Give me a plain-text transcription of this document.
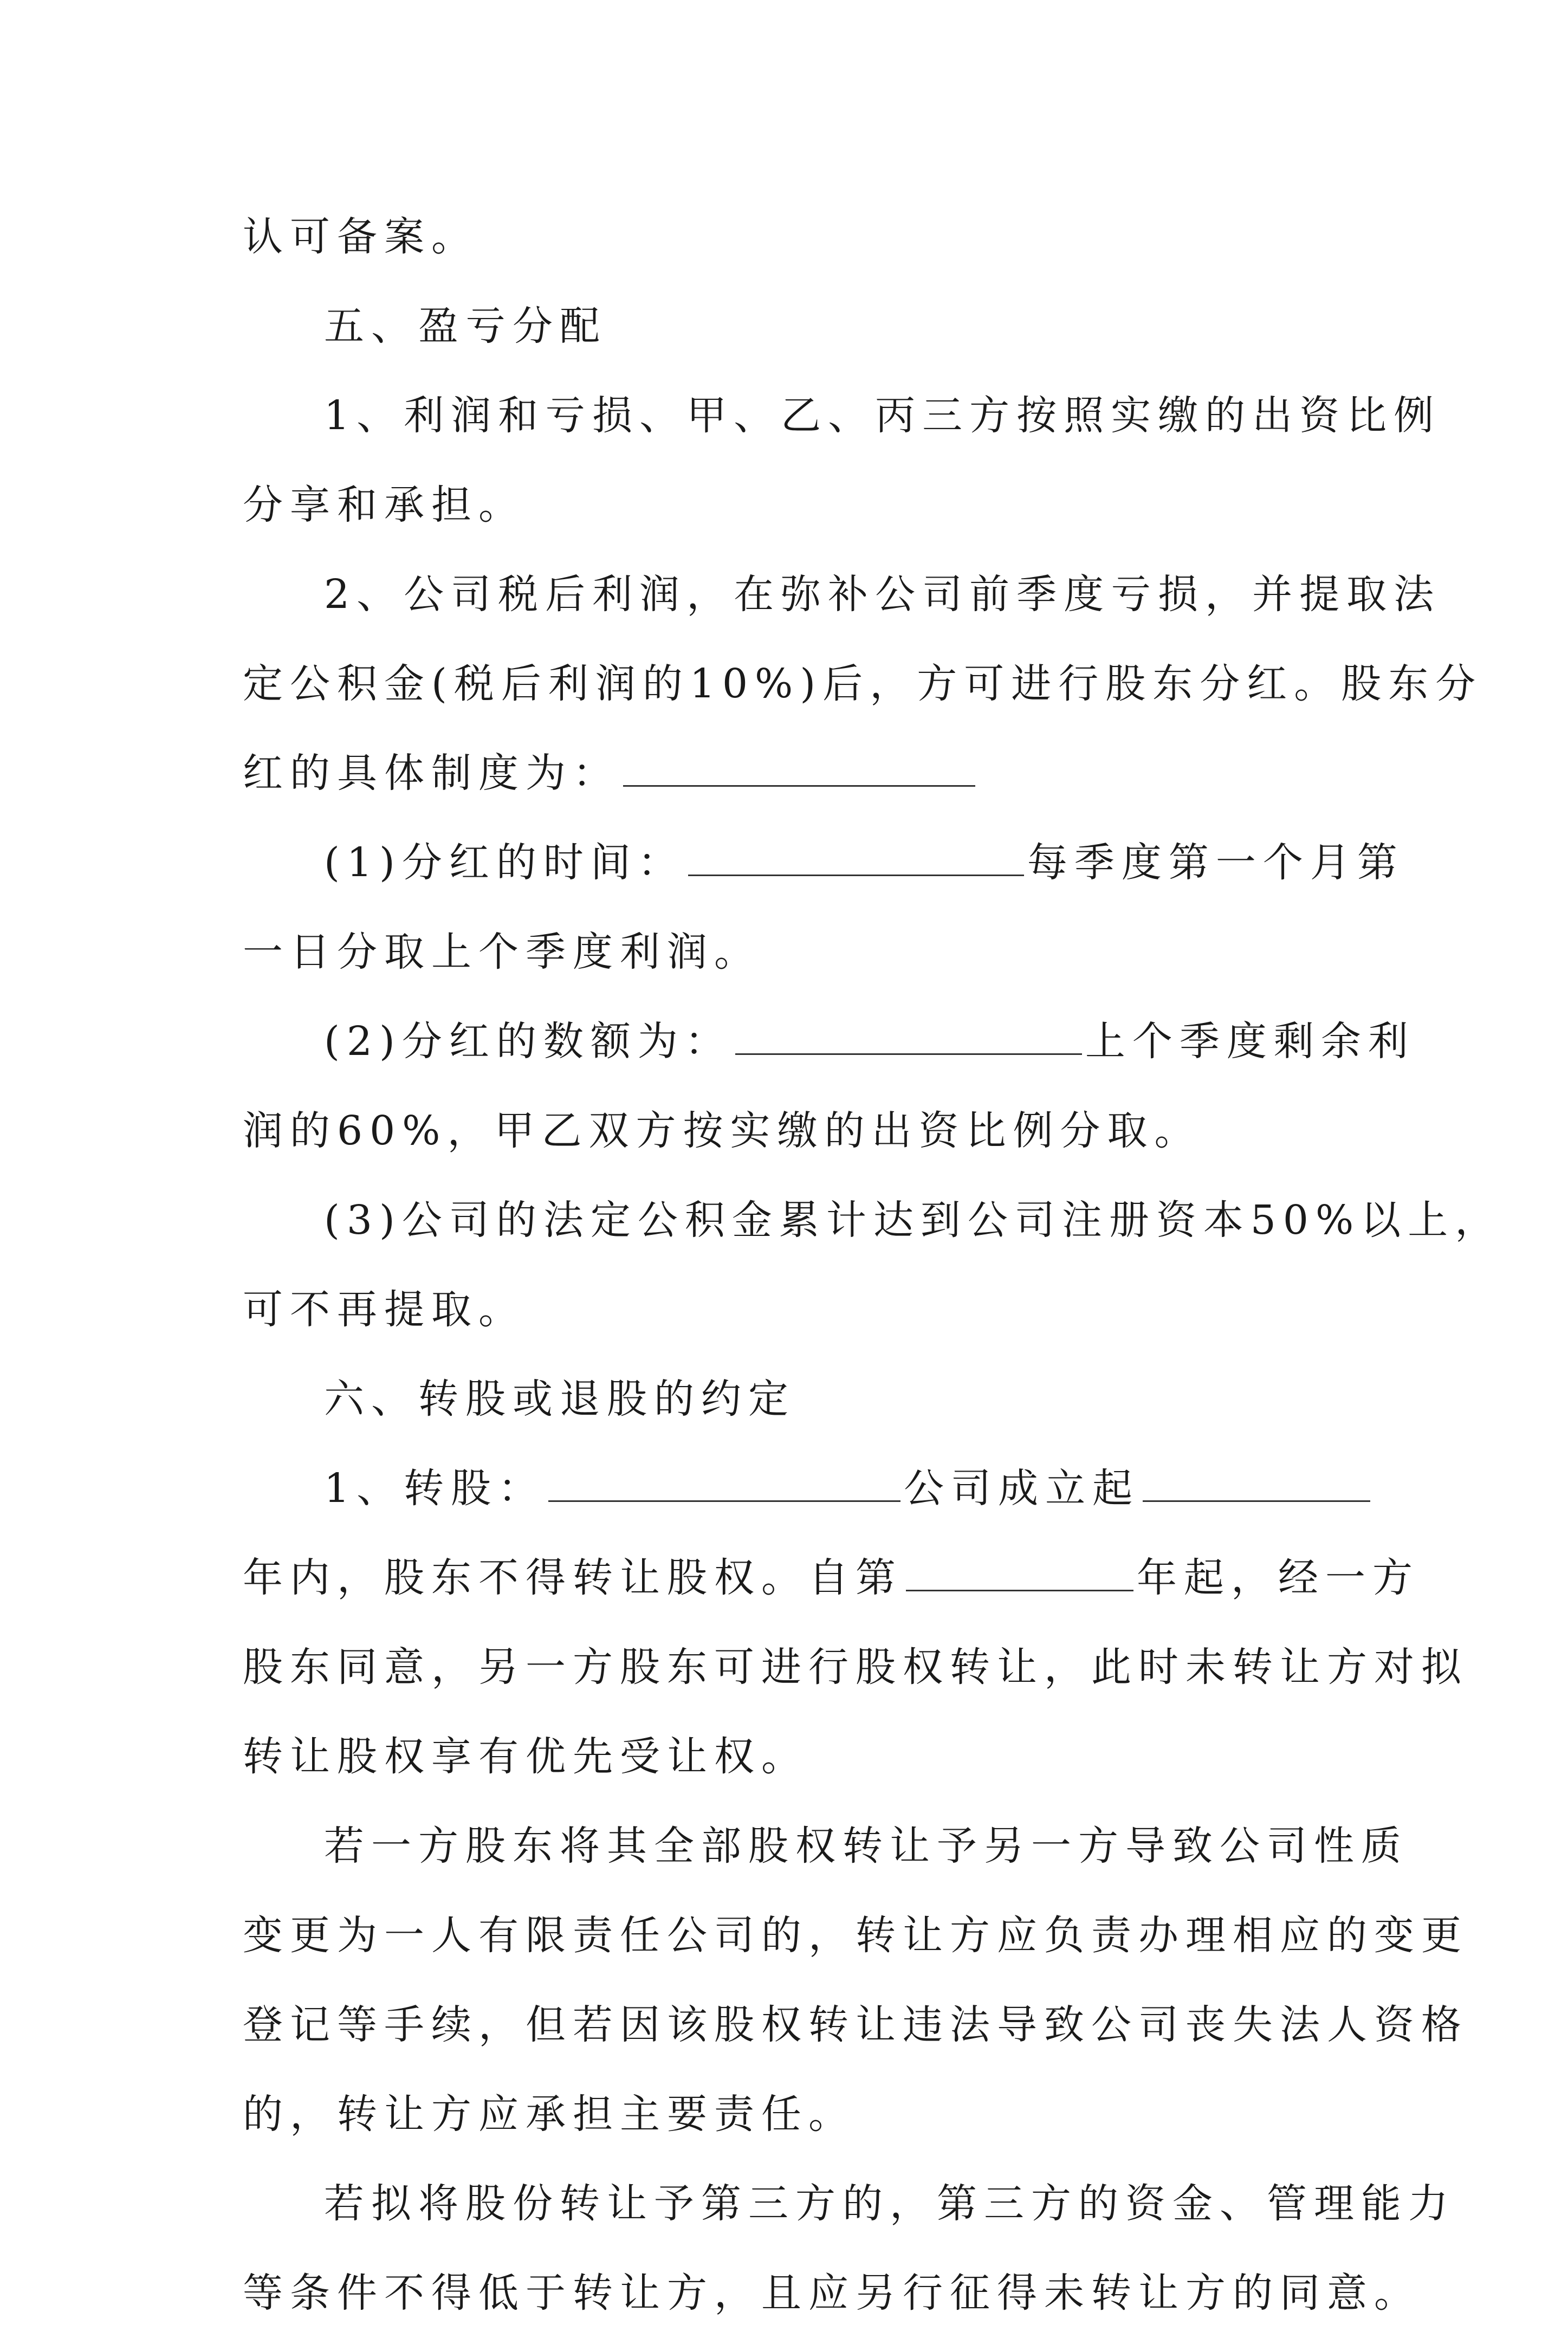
认可备案。
五、盈亏分配
1、利润和亏损、甲、乙、丙三方按照实缴的出资比例
分享和承担。
2、公司税后利润，在弥补公司前季度亏损，并提取法
定公积金(税后利润的10%)后，方可进行股东分红。股东分
红的具体制度为：
(1)分红的时间：	每季度第一个月第
一日分取上个季度利润。
(2)分红的数额为：	上个季度剩余利
润的60%，甲乙双方按实缴的出资比例分取。
(3)公司的法定公积金累计达到公司注册资本50%以上，
可不再提取。
六、转股或退股的约定
1、转股：	公司成立起
年内，股东不得转让股权。自第	年起，经一方
股东同意，另一方股东可进行股权转让，此时未转让方对拟
转让股权享有优先受让权。
若一方股东将其全部股权转让予另一方导致公司性质
变更为一人有限责任公司的，转让方应负责办理相应的变更
登记等手续，但若因该股权转让违法导致公司丧失法人资格
的，转让方应承担主要责任。
若拟将股份转让予第三方的，第三方的资金、管理能力
等条件不得低于转让方，且应另行征得未转让方的同意。
